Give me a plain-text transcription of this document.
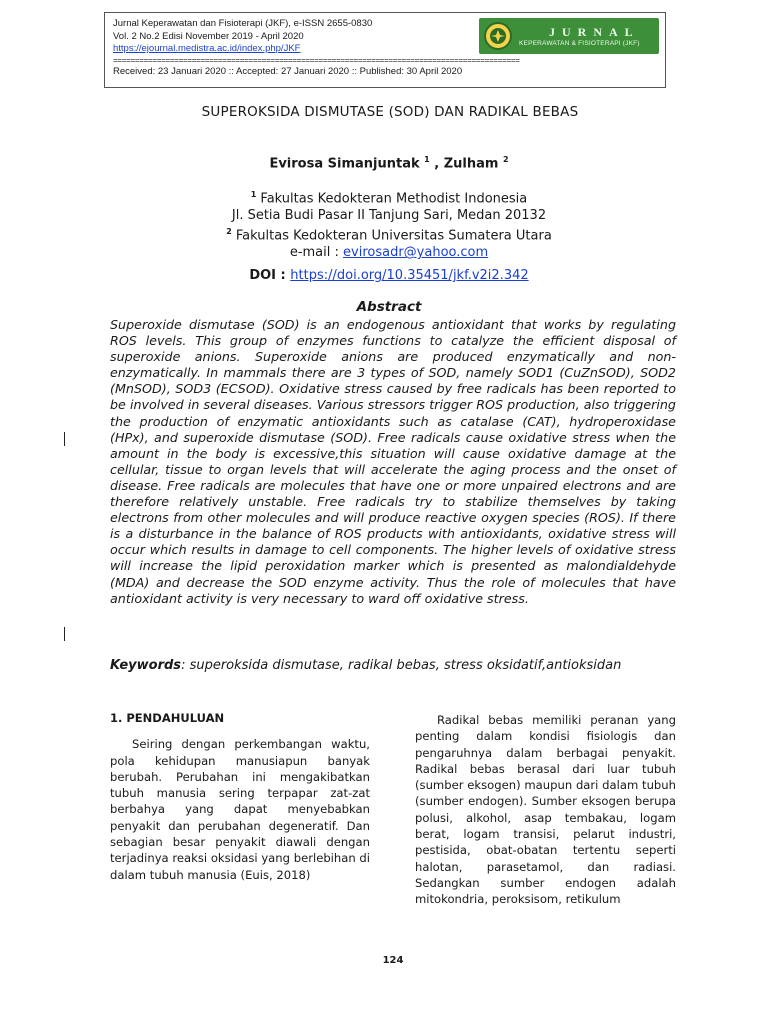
Jurnal Keperawatan dan Fisioterapi (JKF), e-ISSN 2655-0830
Vol. 2 No.2 Edisi November 2019 - April 2020
https://ejournal.medistra.ac.id/index.php/JKF
=============================================================================================
Received: 23 Januari 2020 :: Accepted: 27 Januari 2020 :: Published: 30 April 2020
JURNAL
KEPERAWATAN & FISIOTERAPI (JKF)
SUPEROKSIDA DISMUTASE (SOD) DAN RADIKAL BEBAS
Evirosa Simanjuntak $^1$ , Zulham $^2$
$^1$ Fakultas Kedokteran Methodist Indonesia
Jl. Setia Budi Pasar II Tanjung Sari, Medan 20132
$^2$ Fakultas Kedokteran Universitas Sumatera Utara
e-mail : evirosadr@yahoo.com
DOI : https://doi.org/10.35451/jkf.v2i2.342
Abstract
Superoxide dismutase (SOD) is an endogenous antioxidant that works by regulating ROS levels. This group of enzymes functions to catalyze the efficient disposal of superoxide anions. Superoxide anions are produced enzymatically and non-enzymatically. In mammals there are 3 types of SOD, namely SOD1 (CuZnSOD), SOD2 (MnSOD), SOD3 (ECSOD). Oxidative stress caused by free radicals has been reported to be involved in several diseases. Various stressors trigger ROS production, also triggering the production of enzymatic antioxidants such as catalase (CAT), hydroperoxidase (HPx), and superoxide dismutase (SOD). Free radicals cause oxidative stress when the amount in the body is excessive,this situation will cause oxidative damage at the cellular, tissue to organ levels that will accelerate the aging process and the onset of disease. Free radicals are molecules that have one or more unpaired electrons and are therefore relatively unstable. Free radicals try to stabilize themselves by taking electrons from other molecules and will produce reactive oxygen species (ROS). If there is a disturbance in the balance of ROS products with antioxidants, oxidative stress will occur which results in damage to cell components. The higher levels of oxidative stress will increase the lipid peroxidation marker which is presented as malondialdehyde (MDA) and decrease the SOD enzyme activity. Thus the role of molecules that have antioxidant activity is very necessary to ward off oxidative stress.
Keywords: superoksida dismutase, radikal bebas, stress oksidatif,antioksidan
1. PENDAHULUAN

Seiring dengan perkembangan waktu, pola kehidupan manusiapun banyak berubah. Perubahan ini mengakibatkan tubuh manusia sering terpapar zat-zat berbahya yang dapat menyebabkan penyakit dan perubahan degeneratif. Dan sebagian besar penyakit diawali dengan terjadinya reaksi oksidasi yang berlebihan di dalam tubuh manusia (Euis, 2018)

Radikal bebas memiliki peranan yang penting dalam kondisi fisiologis dan pengaruhnya dalam berbagai penyakit. Radikal bebas berasal dari luar tubuh (sumber eksogen) maupun dari dalam tubuh (sumber endogen). Sumber eksogen berupa polusi, alkohol, asap tembakau, logam berat, logam transisi, pelarut industri, pestisida, obat-obatan tertentu seperti halotan, parasetamol, dan radiasi. Sedangkan sumber endogen adalah mitokondria, peroksisom, retikulum

124
